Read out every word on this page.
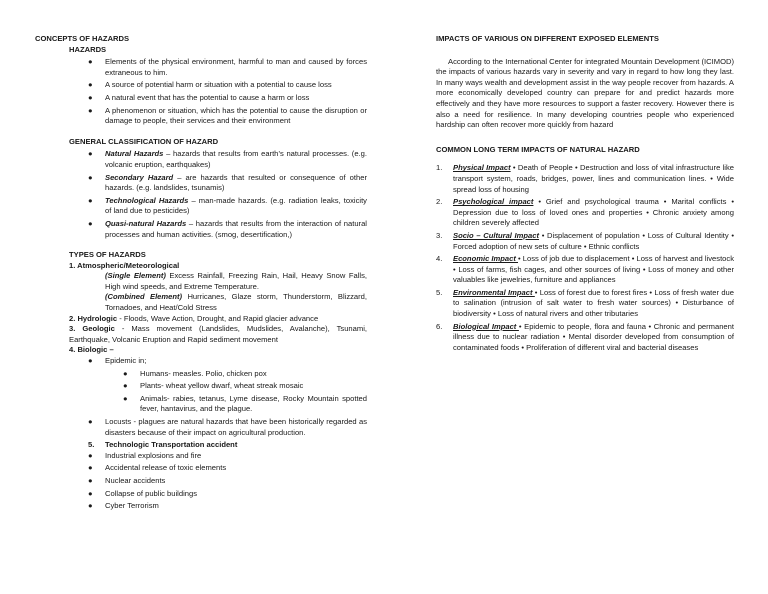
CONCEPTS OF HAZARDS
HAZARDS
● Elements of the physical environment, harmful to man and caused by forces extraneous to him.
● A source of potential harm or situation with a potential to cause loss
● A natural event that has the potential to cause a harm or loss
● A phenomenon or situation, which has the potential to cause the disruption or damage to people, their services and their environment
GENERAL CLASSIFICATION OF HAZARD
● Natural Hazards – hazards that results from earth’s natural processes. (e.g. volcanic eruption, earthquakes)
● Secondary Hazard – are hazards that resulted or consequence of other hazards. (e.g. landslides, tsunamis)
● Technological Hazards – man-made hazards. (e.g. radiation leaks, toxicity of land due to pesticides)
● Quasi-natural Hazards – hazards that results from the interaction of natural processes and human activities. (smog, desertification,)
TYPES OF HAZARDS
1. Atmospheric/Meteorological
(Single Element) Excess Rainfall, Freezing Rain, Hail, Heavy Snow Falls, High wind speeds, and Extreme Temperature.
(Combined Element) Hurricanes, Glaze storm, Thunderstorm, Blizzard, Tornadoes, and Heat/Cold Stress
2. Hydrologic - Floods, Wave Action, Drought, and Rapid glacier advance
3. Geologic - Mass movement (Landslides, Mudslides, Avalanche), Tsunami, Earthquake, Volcanic Eruption and Rapid sediment movement
4. Biologic –
● Epidemic in;
● Humans- measles. Polio, chicken pox
● Plants- wheat yellow dwarf, wheat streak mosaic
● Animals- rabies, tetanus, Lyme disease, Rocky Mountain spotted fever, hantavirus, and the plague.
● Locusts - plagues are natural hazards that have been historically regarded as disasters because of their impact on agricultural production.
5. Technologic Transportation accident
● Industrial explosions and fire
● Accidental release of toxic elements
● Nuclear accidents
● Collapse of public buildings
● Cyber Terrorism
IMPACTS OF VARIOUS ON DIFFERENT EXPOSED ELEMENTS
According to the International Center for integrated Mountain Development (ICIMOD) the impacts of various hazards vary in severity and vary in regard to how long they last. In many ways wealth and development assist in the way people recover from hazards. A more economically developed country can prepare for and predict hazards more effectively and they have more resources to support a faster recovery. However there is also a need for resilience. In many developing countries people who experienced hardship can often recover more quickly from hazard
COMMON LONG TERM IMPACTS OF NATURAL HAZARD
1. Physical Impact • Death of People • Destruction and loss of vital infrastructure like transport system, roads, bridges, power, lines and communication lines. • Wide spread loss of housing
2. Psychological impact • Grief and psychological trauma • Marital conflicts • Depression due to loss of loved ones and properties • Chronic anxiety among children severely affected
3. Socio – Cultural Impact • Displacement of population • Loss of Cultural Identity • Forced adoption of new sets of culture • Ethnic conflicts
4. Economic Impact • Loss of job due to displacement • Loss of harvest and livestock • Loss of farms, fish cages, and other sources of living • Loss of money and other valuables like jewelries, furniture and appliances
5. Environmental Impact • Loss of forest due to forest fires • Loss of fresh water due to salination (intrusion of salt water to fresh water sources) • Disturbance of biodiversity • Loss of natural rivers and other tributaries
6. Biological Impact • Epidemic to people, flora and fauna • Chronic and permanent illness due to nuclear radiation • Mental disorder developed from consumption of contaminated foods • Proliferation of different viral and bacterial diseases
